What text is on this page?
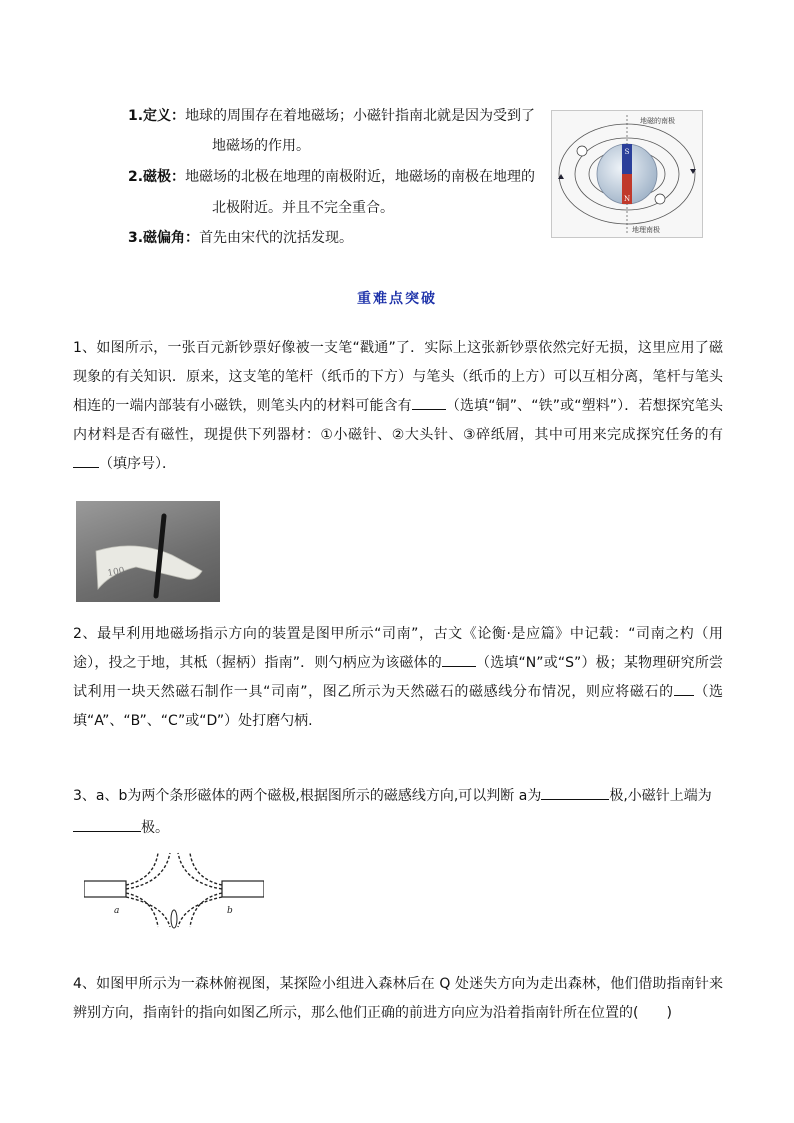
1.定义：地球的周围存在着地磁场；小磁针指南北就是因为受到了
地磁场的作用。
2.磁极：地磁场的北极在地理的南极附近，地磁场的南极在地理的
北极附近。并且不完全重合。
3.磁偏角：首先由宋代的沈括发现。
S
N
地磁的南极
地理南极
重难点突破
1、如图所示，一张百元新钞票好像被一支笔“戳通”了．实际上这张新钞票依然完好无损，这里应用了磁现象的有关知识．原来，这支笔的笔杆（纸币的下方）与笔头（纸币的上方）可以互相分离，笔杆与笔头相连的一端内部装有小磁铁，则笔头内的材料可能含有 （选填“铜”、“铁”或“塑料”）．若想探究笔头内材料是否有磁性，现提供下列器材：①小磁针、②大头针、③碎纸屑，其中可用来完成探究任务的有（填序号）．
100
2、最早利用地磁场指示方向的装置是图甲所示“司南”，古文《论衡·是应篇》中记载：“司南之杓（用途），投之于地，其柢（握柄）指南”．则勺柄应为该磁体的 （选填“N”或“S”）极；某物理研究所尝试利用一块天然磁石制作一具“司南”，图乙所示为天然磁石的磁感线分布情况，则应将磁石的 （选填“A”、“B”、“C”或“D”）处打磨勺柄.
3、a、b为两个条形磁体的两个磁极,根据图所示的磁感线方向,可以判断 a为	极,小磁针上端为
极。
a	b
4、如图甲所示为一森林俯视图，某探险小组进入森林后在 Q 处迷失方向为走出森林，他们借助指南针来辨别方向，指南针的指向如图乙所示，那么他们正确的前进方向应为沿着指南针所在位置的(　　)
